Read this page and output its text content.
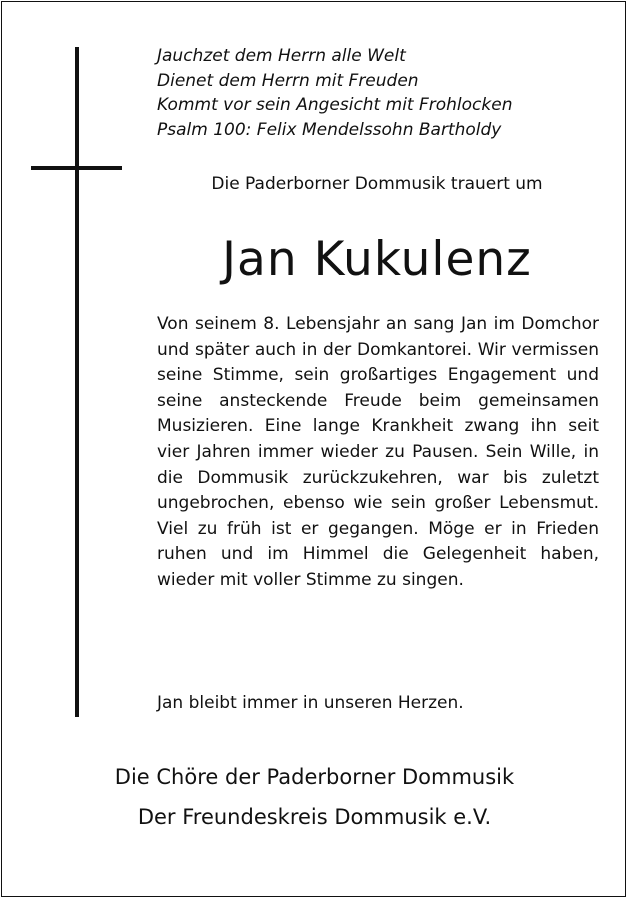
Jauchzet dem Herrn alle Welt
Dienet dem Herrn mit Freuden
Kommt vor sein Angesicht mit Frohlocken
Psalm 100: Felix Mendelssohn Bartholdy
Die Paderborner Dommusik trauert um
Jan Kukulenz
Von seinem 8. Lebensjahr an sang Jan im Domchor und später auch in der Domkantorei. Wir vermissen seine Stimme, sein großartiges Engagement und seine ansteckende Freude beim gemeinsamen Musizieren. Eine lange Krankheit zwang ihn seit vier Jahren immer wieder zu Pausen. Sein Wille, in die Dommusik zurückzukehren, war bis zuletzt ungebrochen, ebenso wie sein großer Lebensmut. Viel zu früh ist er gegangen. Möge er in Frieden ruhen und im Himmel die Gelegenheit haben, wieder mit voller Stimme zu singen.
Jan bleibt immer in unseren Herzen.
Die Chöre der Paderborner Dommusik
Der Freundeskreis Dommusik e.V.
